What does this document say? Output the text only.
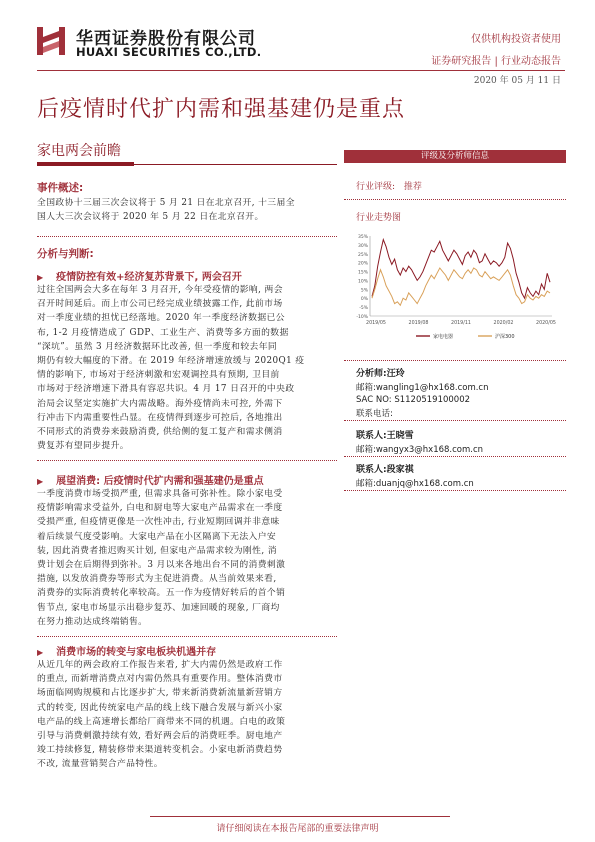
华西证券股份有限公司
HUAXI SECURITIES CO.,LTD.
仅供机构投资者使用
证券研究报告 | 行业动态报告
2020 年 05 月 11 日
后疫情时代扩内需和强基建仍是重点
家电两会前瞻
事件概述:
全国政协十三届三次会议将于 5 月 21 日在北京召开, 十三届全
国人大三次会议将于 2020 年 5 月 22 日在北京召开。
分析与判断:
▶ 疫情防控有效+经济复苏背景下, 两会召开
过往全国两会大多在每年 3 月召开, 今年受疫情的影响, 两会
召开时间延后。而上市公司已经完成业绩披露工作, 此前市场
对一季度业绩的担忧已经落地。2020 年一季度经济数据已公
布, 1-2 月疫情造成了 GDP、工业生产、消费等多方面的数据
“深坑”。虽然 3 月经济数据环比改善, 但一季度和较去年同
期仍有较大幅度的下滑。在 2019 年经济增速放缓与 2020Q1 疫
情的影响下, 市场对于经济刺激和宏观调控具有预期, 卫目前
市场对于经济增速下滑具有容忍共识。4 月 17 日召开的中央政
治局会议坚定实施扩大内需战略。海外疫情尚未可控, 外需下
行冲击下内需重要性凸显。在疫情得到逐步可控后, 各地推出
不同形式的消费券来鼓励消费, 供给侧的复工复产和需求侧消
费复苏有望同步提升。
▶ 展望消费: 后疫情时代扩内需和强基建仍是重点
一季度消费市场受损严重, 但需求具备可弥补性。除小家电受
疫情影响需求受益外, 白电和厨电等大家电产品需求在一季度
受损严重, 但疫情更像是一次性冲击, 行业短期回调并非意味
着后续景气度受影响。大家电产品在小区隔离下无法入户安
装, 因此消费者推迟购买计划, 但家电产品需求较为刚性, 消
费计划会在后期得到弥补。3 月以来各地出台不同的消费刺激
措施, 以发放消费券等形式为主促进消费。从当前效果来看,
消费券的实际消费转化率较高。五一作为疫情好转后的首个销
售节点, 家电市场显示出稳步复苏、加速回暖的现象, 厂商均
在努力推动达成终端销售。
▶ 消费市场的转变与家电板块机遇并存
从近几年的两会政府工作报告来看, 扩大内需仍然是政府工作
的重点, 而新增消费点对内需仍然具有重要作用。整体消费市
场面临网购规模和占比逐步扩大, 带来新消费新流量新营销方
式的转变, 因此传统家电产品的线上线下融合发展与新兴小家
电产品的线上高速增长都给厂商带来不同的机遇。白电的政策
引导与消费刺激持续有效, 看好两会后的消费旺季。厨电地产
竣工持续修复, 精装修带来渠道转变机会。小家电新消费趋势
不改, 流量营销契合产品特性。
评级及分析师信息
行业评级: 推荐
行业走势图
-10%
-5%
0%
5%
10%
15%
20%
25%
30%
35%
2019/05	2019/08	2019/11	2020/02	2020/05
家电电器	沪深300
分析师:汪玲
邮箱:wangling1@hx168.com.cn
SAC NO: S1120519100002
联系电话:
联系人:王晓雪
邮箱:wangyx3@hx168.com.cn
联系人:段家祺
邮箱:duanjq@hx168.com.cn
请仔细阅读在本报告尾部的重要法律声明
